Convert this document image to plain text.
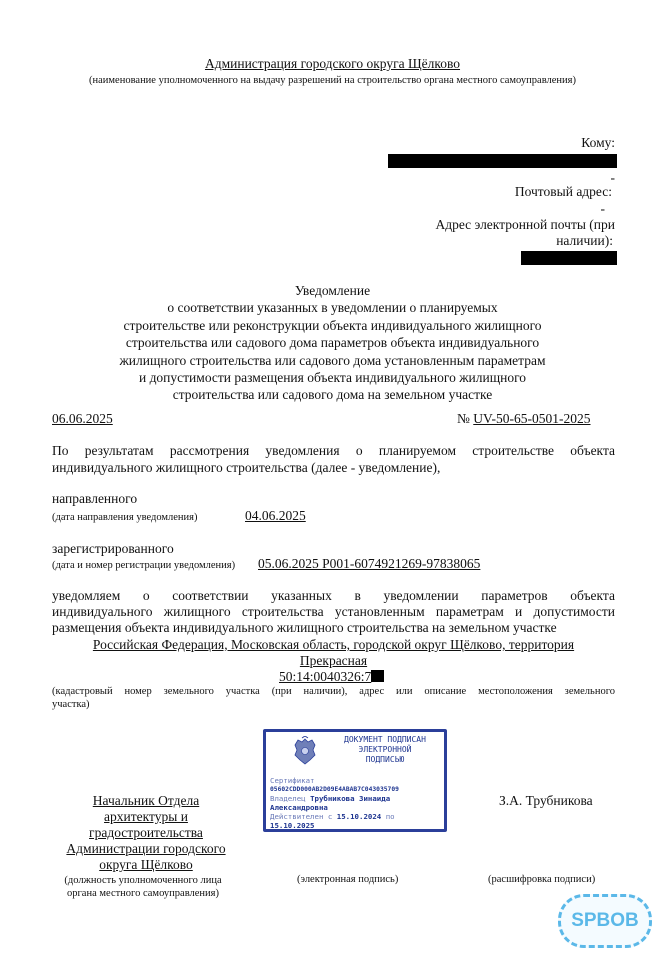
Администрация городского округа Щёлково
(наименование уполномоченного на выдачу разрешений на строительство органа местного самоуправления)
Кому:
-
Почтовый адрес:
-
Адрес электронной почты (при
наличии):
Уведомление
о соответствии указанных в уведомлении о планируемых
строительстве или реконструкции объекта индивидуального жилищного
строительства или садового дома параметров объекта индивидуального
жилищного строительства или садового дома установленным параметрам
и допустимости размещения объекта индивидуального жилищного
строительства или садового дома на земельном участке
06.06.2025	№ UV-50-65-0501-2025
По результатам рассмотрения уведомления о планируемом строительстве объекта
индивидуального жилищного строительства (далее - уведомление),
направленного
(дата направления уведомления)	04.06.2025
зарегистрированного
(дата и номер регистрации уведомления) 05.06.2025 P001-6074921269-97838065
уведомляем о соответствии указанных в уведомлении параметров объекта
индивидуального жилищного строительства установленным параметрам и допустимости
размещения объекта индивидуального жилищного строительства на земельном участке
Российская Федерация, Московская область, городской округ Щёлково, территория
Прекрасная
50:14:0040326:7
(кадастровый номер земельного участка (при наличии), адрес или описание местоположения земельного
участка)
ДОКУМЕНТ ПОДПИСАН
ЭЛЕКТРОННОЙ
ПОДПИСЬЮ
Сертификат
05602CDD000AB2D09E4ABAB7C043035709
Владелец Трубникова Зинаида
Александровна
Действителен с 15.10.2024 по
15.10.2025
Начальник Отдела
архитектуры и
градостроительства
Администрации городского
округа Щёлково
З.А. Трубникова
(должность уполномоченного лица
органа местного самоуправления)
(электронная подпись)	(расшифровка подписи)
SPBOB
